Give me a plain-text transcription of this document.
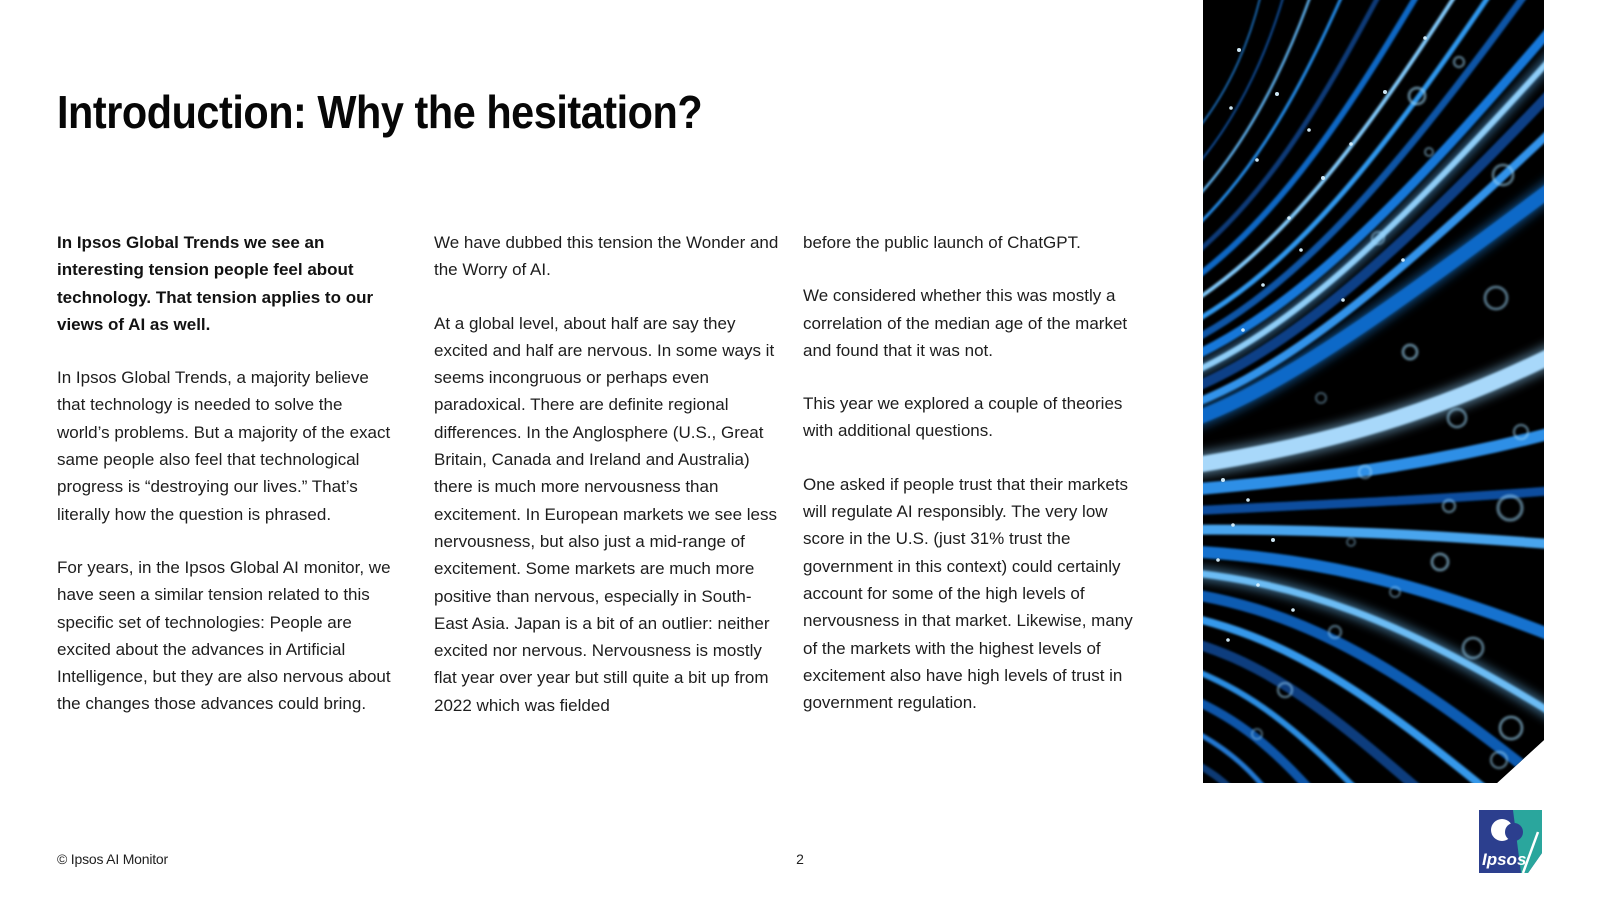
Introduction: Why the hesitation?

In Ipsos Global Trends we see an interesting tension people feel about technology. That tension applies to our views of AI as well.

In Ipsos Global Trends, a majority believe that technology is needed to solve the world’s problems. But a majority of the exact same people also feel that technological progress is “destroying our lives.” That’s literally how the question is phrased.

For years, in the Ipsos Global AI monitor, we have seen a similar tension related to this specific set of technologies: People are excited about the advances in Artificial Intelligence, but they are also nervous about the changes those advances could bring.

We have dubbed this tension the Wonder and the Worry of AI.

At a global level, about half are say they excited and half are nervous. In some ways it seems incongruous or perhaps even paradoxical. There are definite regional differences. In the Anglosphere (U.S., Great Britain, Canada and Ireland and Australia) there is much more nervousness than excitement. In European markets we see less nervousness, but also just a mid-range of excitement. Some markets are much more positive than nervous, especially in South-East Asia. Japan is a bit of an outlier: neither excited nor nervous. Nervousness is mostly flat year over year but still quite a bit up from 2022 which was fielded

before the public launch of ChatGPT.

We considered whether this was mostly a correlation of the median age of the market and found that it was not.

This year we explored a couple of theories with additional questions.

One asked if people trust that their markets will regulate AI responsibly. The very low score in the U.S. (just 31% trust the government in this context) could certainly account for some of the high levels of nervousness in that market. Likewise, many of the markets with the highest levels of excitement also have high levels of trust in government regulation.

© Ipsos AI Monitor	2	Ipsos
